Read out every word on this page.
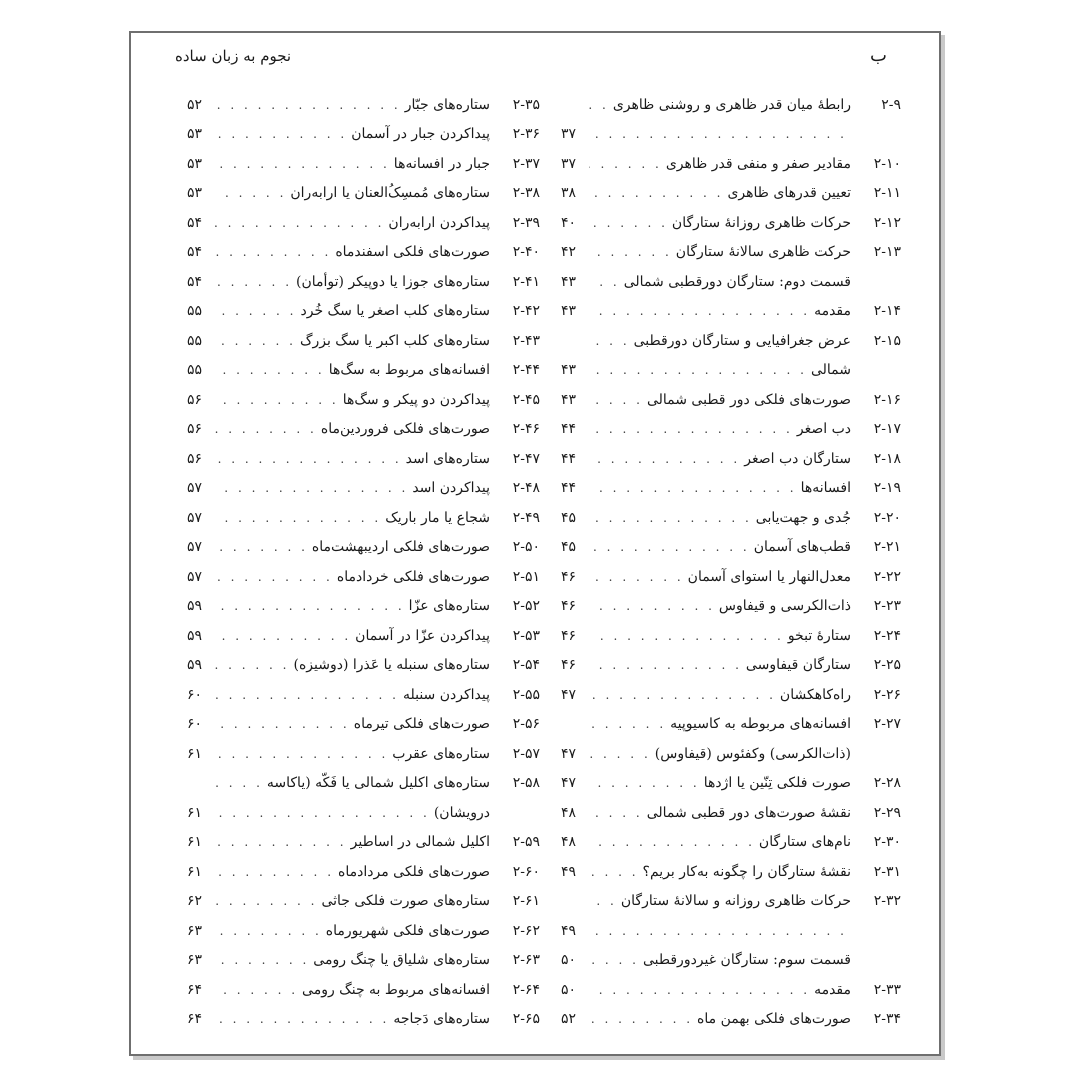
نجوم به زبان ساده	ب
۲-۹
رابطهٔ میان قدر ظاهری و روشنی ظاهری
. . .
. . .
۳۷
۲-۱۰
مقادیر صفر و منفی قدر ظاهری
. . .
۳۷
۲-۱۱
تعیین قدرهای ظاهری
. . .
۳۸
۲-۱۲
حرکات ظاهری روزانهٔ ستارگان
. . .
۴۰
۲-۱۳
حرکت ظاهری سالانهٔ ستارگان
. . .
۴۲
قسمت دوم: ستارگان دورقطبی شمالی
. . .
۴۳
۲-۱۴
مقدمه
. . .
۴۳
۲-۱۵
عرض جغرافیایی و ستارگان دورقطبی
. . .
شمالی
. . .
۴۳
۲-۱۶
صورت‌های فلکی دور قطبی شمالی
. . .
۴۳
۲-۱۷
دب اصغر
. . .
۴۴
۲-۱۸
ستارگان دب اصغر
. . .
۴۴
۲-۱۹
افسانه‌ها
. . .
۴۴
۲-۲۰
جُدی و جهت‌یابی
. . .
۴۵
۲-۲۱
قطب‌های آسمان
. . .
۴۵
۲-۲۲
معدل‌النهار یا استوای آسمان
. . .
۴۶
۲-۲۳
ذات‌الکرسی و قیفاوس
. . .
۴۶
۲-۲۴
ستارهٔ تبخو
. . .
۴۶
۲-۲۵
ستارگان قیفاوسی
. . .
۴۶
۲-۲۶
راه‌کاهکشان
. . .
۴۷
۲-۲۷
افسانه‌های مربوطه به کاسیوپیه
. . .
(ذات‌الکرسی) وکفئوس (قیفاوس)
. . .
۴۷
۲-۲۸
صورت فلکی تِنّین یا اژدها
. . .
۴۷
۲-۲۹
نقشهٔ صورت‌های دور قطبی شمالی
. . .
۴۸
۲-۳۰
نام‌های ستارگان
. . .
۴۸
۲-۳۱
نقشهٔ ستارگان را چگونه به‌کار بریم؟
. . .
۴۹
۲-۳۲
حرکات ظاهری روزانه و سالانهٔ ستارگان
. . .
. . .
۴۹
قسمت سوم: ستارگان غیردورقطبی
. . .
۵۰
۲-۳۳
مقدمه
. . .
۵۰
۲-۳۴
صورت‌های فلکی بهمن ماه
. . .
۵۲
۲-۳۵
ستاره‌های جبّار
. . .
۵۲
۲-۳۶
پیداکردن جبار در آسمان
. . .
۵۳
۲-۳۷
جبار در افسانه‌ها
. . .
۵۳
۲-۳۸
ستاره‌های مُمسِکُ‌العنان یا ارابه‌ران
. . .
۵۳
۲-۳۹
پیداکردن ارابه‌ران
. . .
۵۴
۲-۴۰
صورت‌های فلکی اسفندماه
. . .
۵۴
۲-۴۱
ستاره‌های جوزا یا دوپیکر (توأمان)
. . .
۵۴
۲-۴۲
ستاره‌های کلب اصغر یا سگ خُرد
. . .
۵۵
۲-۴۳
ستاره‌های کلب اکبر یا سگ بزرگ
. . .
۵۵
۲-۴۴
افسانه‌های مربوط به سگ‌ها
. . .
۵۵
۲-۴۵
پیداکردن دو پیکر و سگ‌ها
. . .
۵۶
۲-۴۶
صورت‌های فلکی فروردین‌ماه
. . .
۵۶
۲-۴۷
ستاره‌های اسد
. . .
۵۶
۲-۴۸
پیداکردن اسد
. . .
۵۷
۲-۴۹
شجاع یا مار باریک
. . .
۵۷
۲-۵۰
صورت‌های فلکی اردیبهشت‌ماه
. . .
۵۷
۲-۵۱
صورت‌های فلکی خردادماه
. . .
۵۷
۲-۵۲
ستاره‌های عزّا
. . .
۵۹
۲-۵۳
پیداکردن عزّا در آسمان
. . .
۵۹
۲-۵۴
ستاره‌های سنبله یا عَذرا (دوشیزه)
. . .
۵۹
۲-۵۵
پیداکردن سنبله
. . .
۶۰
۲-۵۶
صورت‌های فلکی تیرماه
. . .
۶۰
۲-۵۷
ستاره‌های عقرب
. . .
۶۱
۲-۵۸
ستاره‌های اکلیل شمالی یا فَکّه (یاکاسه
. . .
درویشان)
. . .
۶۱
۲-۵۹
اکلیل شمالی در اساطیر
. . .
۶۱
۲-۶۰
صورت‌های فلکی مردادماه
. . .
۶۱
۲-۶۱
ستاره‌های صورت فلکی جاثی
. . .
۶۲
۲-۶۲
صورت‌های فلکی شهریورماه
. . .
۶۳
۲-۶۳
ستاره‌های شلیاق یا چنگ رومی
. . .
۶۳
۲-۶۴
افسانه‌های مربوط به چنگ رومی
. . .
۶۴
۲-۶۵
ستاره‌های دَجاجه
. . .
۶۴
